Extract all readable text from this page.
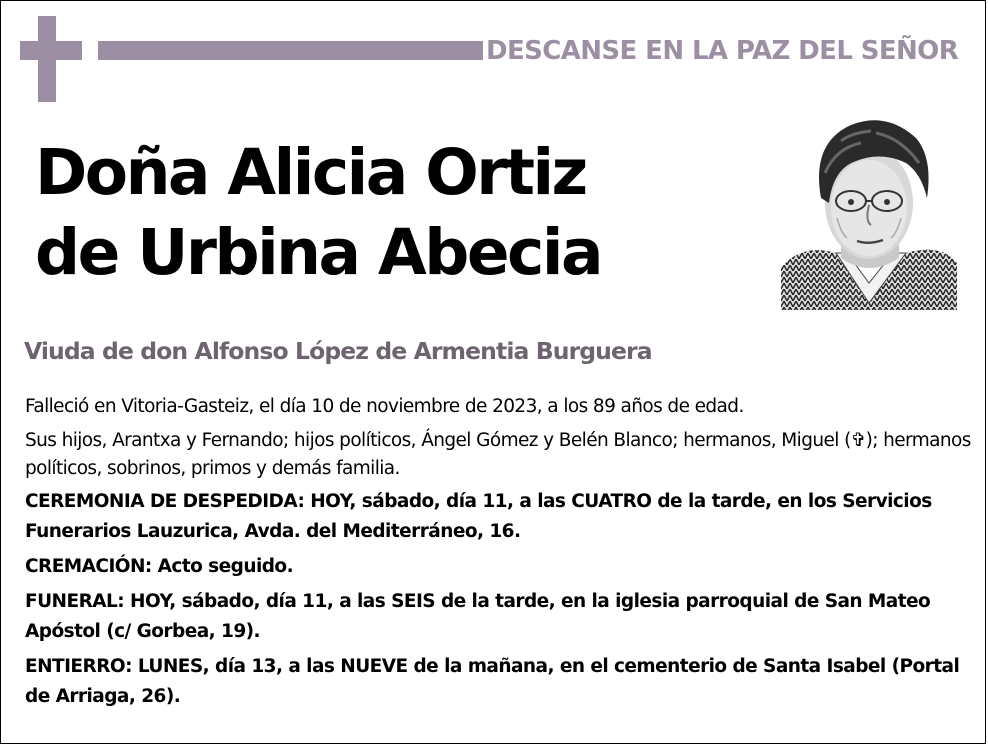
DESCANSE EN LA PAZ DEL SEÑOR
Doña Alicia Ortiz
de Urbina Abecia
Viuda de don Alfonso López de Armentia Burguera
Falleció en Vitoria-Gasteiz, el día 10 de noviembre de 2023, a los 89 años de edad.
Sus hijos, Arantxa y Fernando; hijos políticos, Ángel Gómez y Belén Blanco; hermanos, Miguel (✞); hermanos políticos, sobrinos, primos y demás familia.
CEREMONIA DE DESPEDIDA: HOY, sábado, día 11, a las CUATRO de la tarde, en los Servicios Funerarios Lauzurica, Avda. del Mediterráneo, 16.
CREMACIÓN: Acto seguido.
FUNERAL: HOY, sábado, día 11, a las SEIS de la tarde, en la iglesia parroquial de San Mateo Apóstol (c/ Gorbea, 19).
ENTIERRO: LUNES, día 13, a las NUEVE de la mañana, en el cementerio de Santa Isabel (Portal de Arriaga, 26).
